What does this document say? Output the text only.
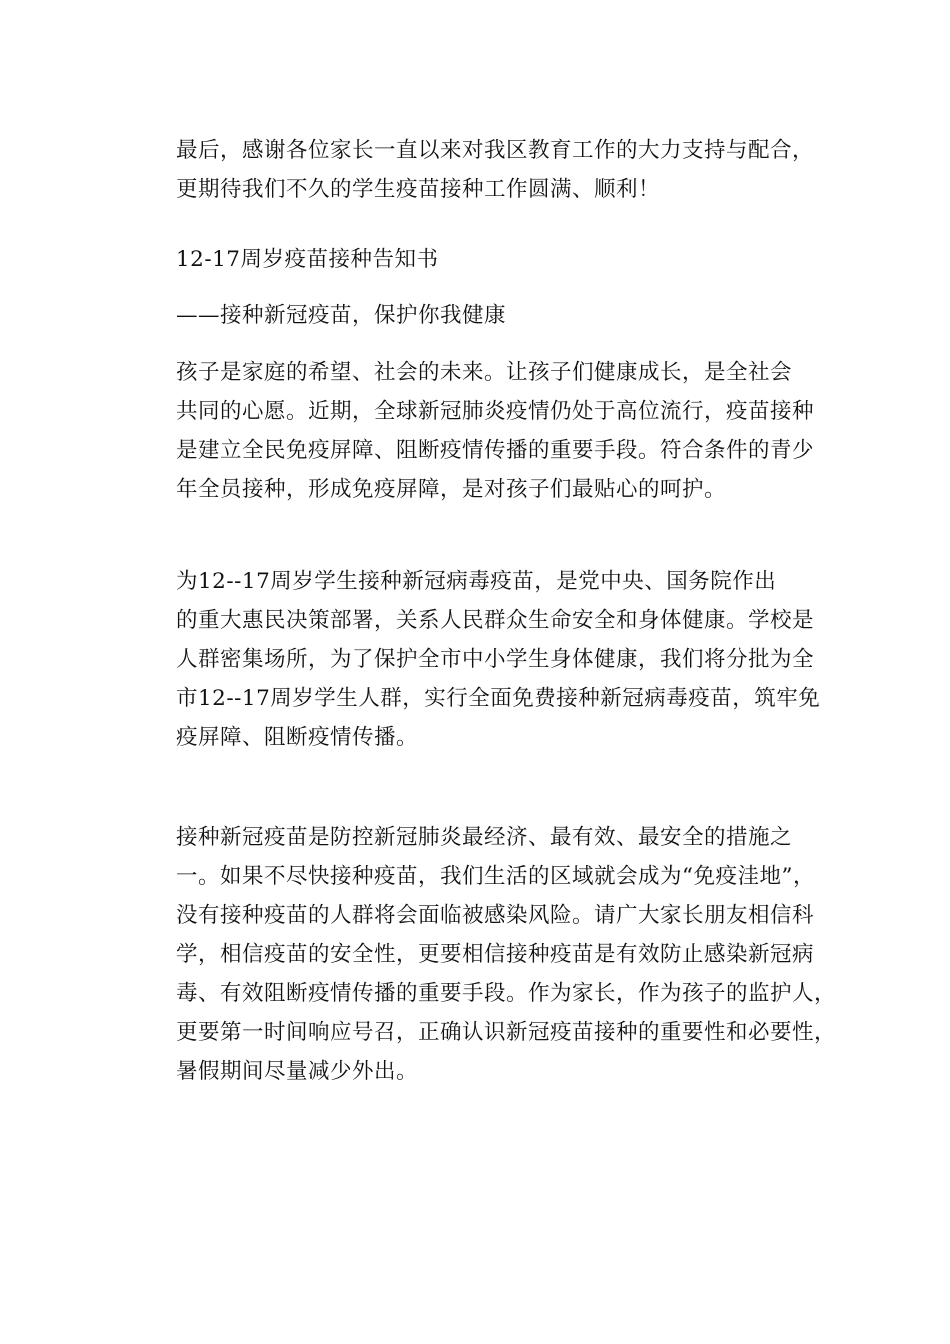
最后，感谢各位家长一直以来对我区教育工作的大力支持与配合，
更期待我们不久的学生疫苗接种工作圆满、顺利！
12-17周岁疫苗接种告知书
——接种新冠疫苗，保护你我健康
孩子是家庭的希望、社会的未来。让孩子们健康成长，是全社会
共同的心愿。近期，全球新冠肺炎疫情仍处于高位流行，疫苗接种
是建立全民免疫屏障、阻断疫情传播的重要手段。符合条件的青少
年全员接种，形成免疫屏障，是对孩子们最贴心的呵护。
为12--17周岁学生接种新冠病毒疫苗，是党中央、国务院作出
的重大惠民决策部署，关系人民群众生命安全和身体健康。学校是
人群密集场所，为了保护全市中小学生身体健康，我们将分批为全
市12--17周岁学生人群，实行全面免费接种新冠病毒疫苗，筑牢免
疫屏障、阻断疫情传播。
接种新冠疫苗是防控新冠肺炎最经济、最有效、最安全的措施之
一。如果不尽快接种疫苗，我们生活的区域就会成为“免疫洼地”，
没有接种疫苗的人群将会面临被感染风险。请广大家长朋友相信科
学，相信疫苗的安全性，更要相信接种疫苗是有效防止感染新冠病
毒、有效阻断疫情传播的重要手段。作为家长，作为孩子的监护人，
更要第一时间响应号召，正确认识新冠疫苗接种的重要性和必要性，
暑假期间尽量减少外出。
